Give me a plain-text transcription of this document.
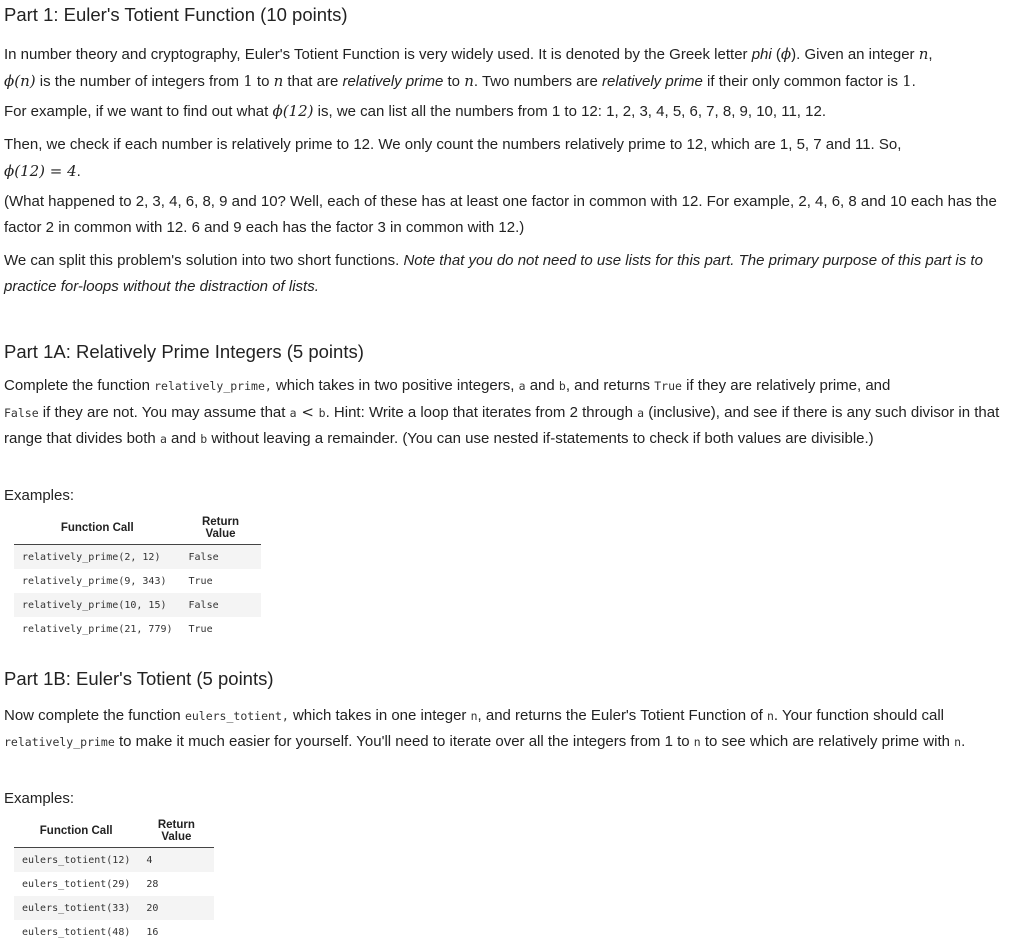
Part 1: Euler's Totient Function (10 points)

In number theory and cryptography, Euler's Totient Function is very widely used. It is denoted by the Greek letter phi (ϕ). Given an integer n,
ϕ(n) is the number of integers from 1 to n that are relatively prime to n. Two numbers are relatively prime if their only common factor is 1.

For example, if we want to find out what ϕ(12) is, we can list all the numbers from 1 to 12: 1, 2, 3, 4, 5, 6, 7, 8, 9, 10, 11, 12.

Then, we check if each number is relatively prime to 12. We only count the numbers relatively prime to 12, which are 1, 5, 7 and 11. So,
ϕ(12) = 4.

(What happened to 2, 3, 4, 6, 8, 9 and 10? Well, each of these has at least one factor in common with 12. For example, 2, 4, 6, 8 and 10 each has the factor 2 in common with 12. 6 and 9 each has the factor 3 in common with 12.)

We can split this problem's solution into two short functions. Note that you do not need to use lists for this part. The primary purpose of this part is to practice for-loops without the distraction of lists.

Part 1A: Relatively Prime Integers (5 points)

Complete the function relatively_prime, which takes in two positive integers, a and b, and returns True if they are relatively prime, and
False if they are not. You may assume that a < b. Hint: Write a loop that iterates from 2 through a (inclusive), and see if there is any such divisor in that range that divides both a and b without leaving a remainder. (You can use nested if-statements to check if both values are divisible.)

Examples:

Function Call	Return Value
relatively_prime(2, 12)	False
relatively_prime(9, 343)	True
relatively_prime(10, 15)	False
relatively_prime(21, 779)	True
Part 1B: Euler's Totient (5 points)

Now complete the function eulers_totient, which takes in one integer n, and returns the Euler's Totient Function of n. Your function should call relatively_prime to make it much easier for yourself. You'll need to iterate over all the integers from 1 to n to see which are relatively prime with n.

Examples:

Function Call	Return Value
eulers_totient(12)	4
eulers_totient(29)	28
eulers_totient(33)	20
eulers_totient(48)	16
